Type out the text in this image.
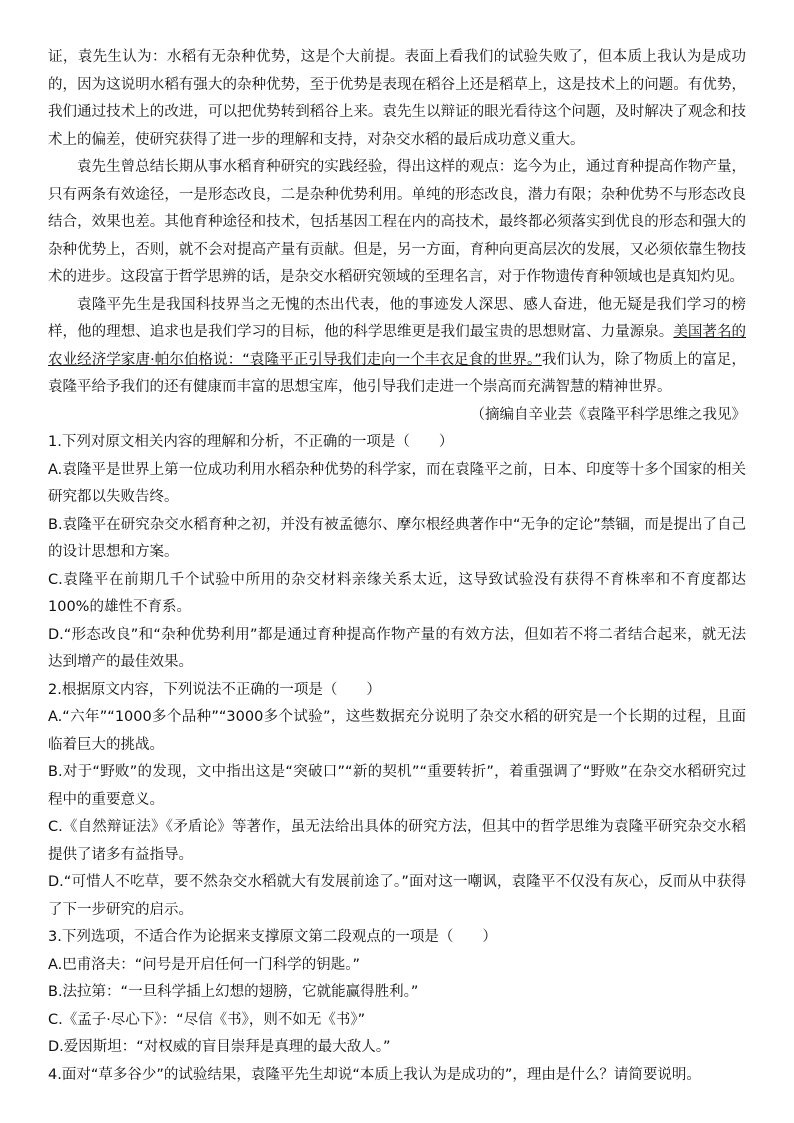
证，袁先生认为：水稻有无杂种优势，这是个大前提。表面上看我们的试验失败了，但本质上我认为是成功的，因为这说明水稻有强大的杂种优势，至于优势是表现在稻谷上还是稻草上，这是技术上的问题。有优势，我们通过技术上的改进，可以把优势转到稻谷上来。袁先生以辩证的眼光看待这个问题，及时解决了观念和技术上的偏差，使研究获得了进一步的理解和支持，对杂交水稻的最后成功意义重大。

袁先生曾总结长期从事水稻育种研究的实践经验，得出这样的观点：迄今为止，通过育种提高作物产量，只有两条有效途径，一是形态改良，二是杂种优势利用。单纯的形态改良，潜力有限；杂种优势不与形态改良结合，效果也差。其他育种途径和技术，包括基因工程在内的高技术，最终都必须落实到优良的形态和强大的杂种优势上，否则，就不会对提高产量有贡献。但是，另一方面，育种向更高层次的发展，又必须依靠生物技术的进步。这段富于哲学思辨的话，是杂交水稻研究领域的至理名言，对于作物遗传育种领域也是真知灼见。

袁隆平先生是我国科技界当之无愧的杰出代表，他的事迹发人深思、感人奋进，他无疑是我们学习的榜样，他的理想、追求也是我们学习的目标，他的科学思维更是我们最宝贵的思想财富、力量源泉。美国著名的农业经济学家唐·帕尔伯格说：“袁隆平正引导我们走向一个丰衣足食的世界。”我们认为，除了物质上的富足，袁隆平给予我们的还有健康而丰富的思想宝库，他引导我们走进一个崇高而充满智慧的精神世界。

（摘编自辛业芸《袁隆平科学思维之我见》

1.下列对原文相关内容的理解和分析，不正确的一项是（　　）

A.袁隆平是世界上第一位成功利用水稻杂种优势的科学家，而在袁隆平之前，日本、印度等十多个国家的相关研究都以失败告终。

B.袁隆平在研究杂交水稻育种之初，并没有被孟德尔、摩尔根经典著作中“无争的定论”禁锢，而是提出了自己的设计思想和方案。

C.袁隆平在前期几千个试验中所用的杂交材料亲缘关系太近，这导致试验没有获得不育株率和不育度都达100%的雄性不育系。

D.“形态改良”和“杂种优势利用”都是通过育种提高作物产量的有效方法，但如若不将二者结合起来，就无法达到增产的最佳效果。

2.根据原文内容，下列说法不正确的一项是（　　）

A.“六年”“1000多个品种”“3000多个试验”，这些数据充分说明了杂交水稻的研究是一个长期的过程，且面临着巨大的挑战。

B.对于“野败”的发现，文中指出这是“突破口”“新的契机”“重要转折”，着重强调了“野败”在杂交水稻研究过程中的重要意义。

C.《自然辩证法》《矛盾论》等著作，虽无法给出具体的研究方法，但其中的哲学思维为袁隆平研究杂交水稻提供了诸多有益指导。

D.“可惜人不吃草，要不然杂交水稻就大有发展前途了。”面对这一嘲讽，袁隆平不仅没有灰心，反而从中获得了下一步研究的启示。

3.下列选项，不适合作为论据来支撑原文第二段观点的一项是（　　）

A.巴甫洛夫：“问号是开启任何一门科学的钥匙。”

B.法拉第：“一旦科学插上幻想的翅膀，它就能赢得胜利。”

C.《孟子·尽心下》：“尽信《书》，则不如无《书》”

D.爱因斯坦：“对权威的盲目崇拜是真理的最大敌人。”

4.面对“草多谷少”的试验结果，袁隆平先生却说“本质上我认为是成功的”，理由是什么？请简要说明。
